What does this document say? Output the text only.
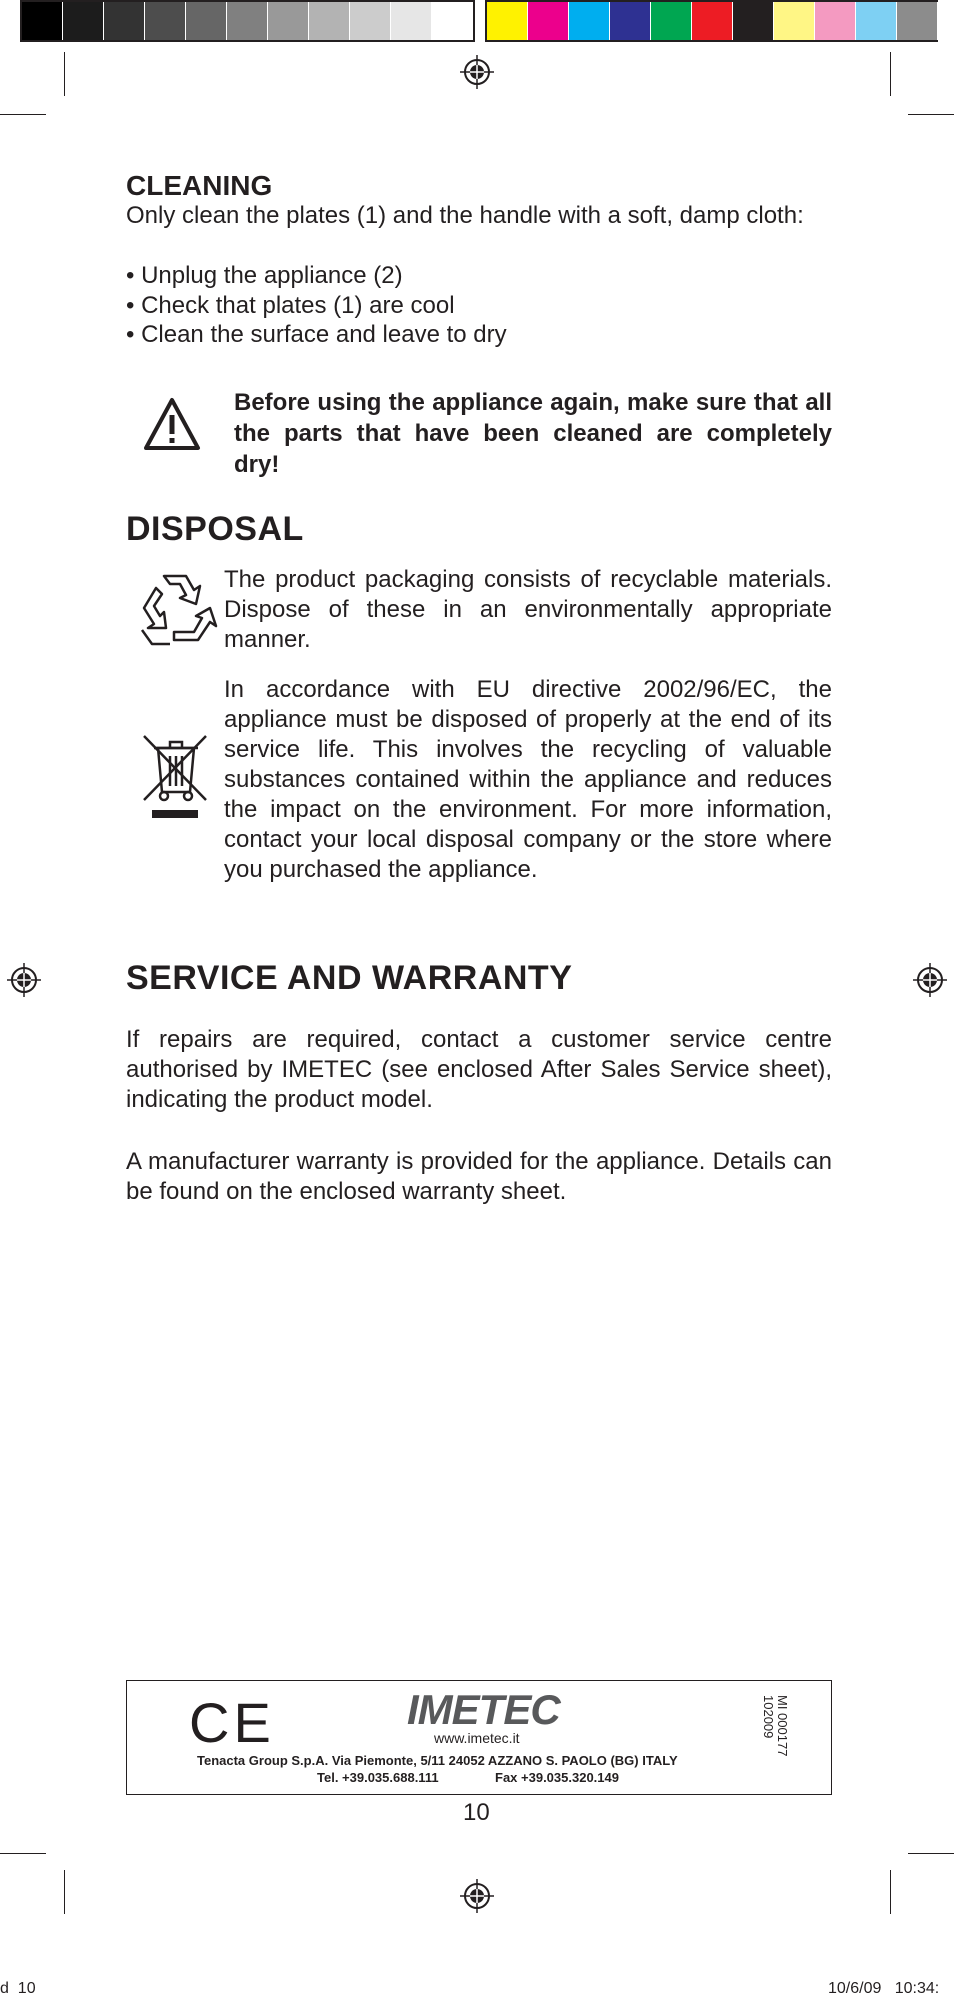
CLEANING
Only clean the plates (1) and the handle with a soft, damp cloth:
• Unplug the appliance (2)
• Check that plates (1) are cool
• Clean the surface and leave to dry
Before using the appliance again, make sure that all the parts that have been cleaned are completely dry!
DISPOSAL
The product packaging consists of recyclable materials. Dispose of these in an environmentally appropriate manner.
In accordance with EU directive 2002/96/EC, the appliance must be disposed of properly at the end of its service life. This involves the recycling of valuable substances contained within the appliance and reduces the impact on the environment. For more information, contact your local disposal company or the store where you purchased the appliance.
SERVICE AND WARRANTY
If repairs are required, contact a customer service centre authorised by IMETEC (see enclosed After Sales Service sheet), indicating the product model.
A manufacturer warranty is provided for the appliance. Details can be found on the enclosed warranty sheet.
CE	IMETEC
www.imetec.it
Tenacta Group S.p.A. Via Piemonte, 5/11 24052 AZZANO S. PAOLO (BG) ITALY
Tel. +39.035.688.111	Fax +39.035.320.149
MI 000177
102009
10
d  10	10/6/09   10:34:
